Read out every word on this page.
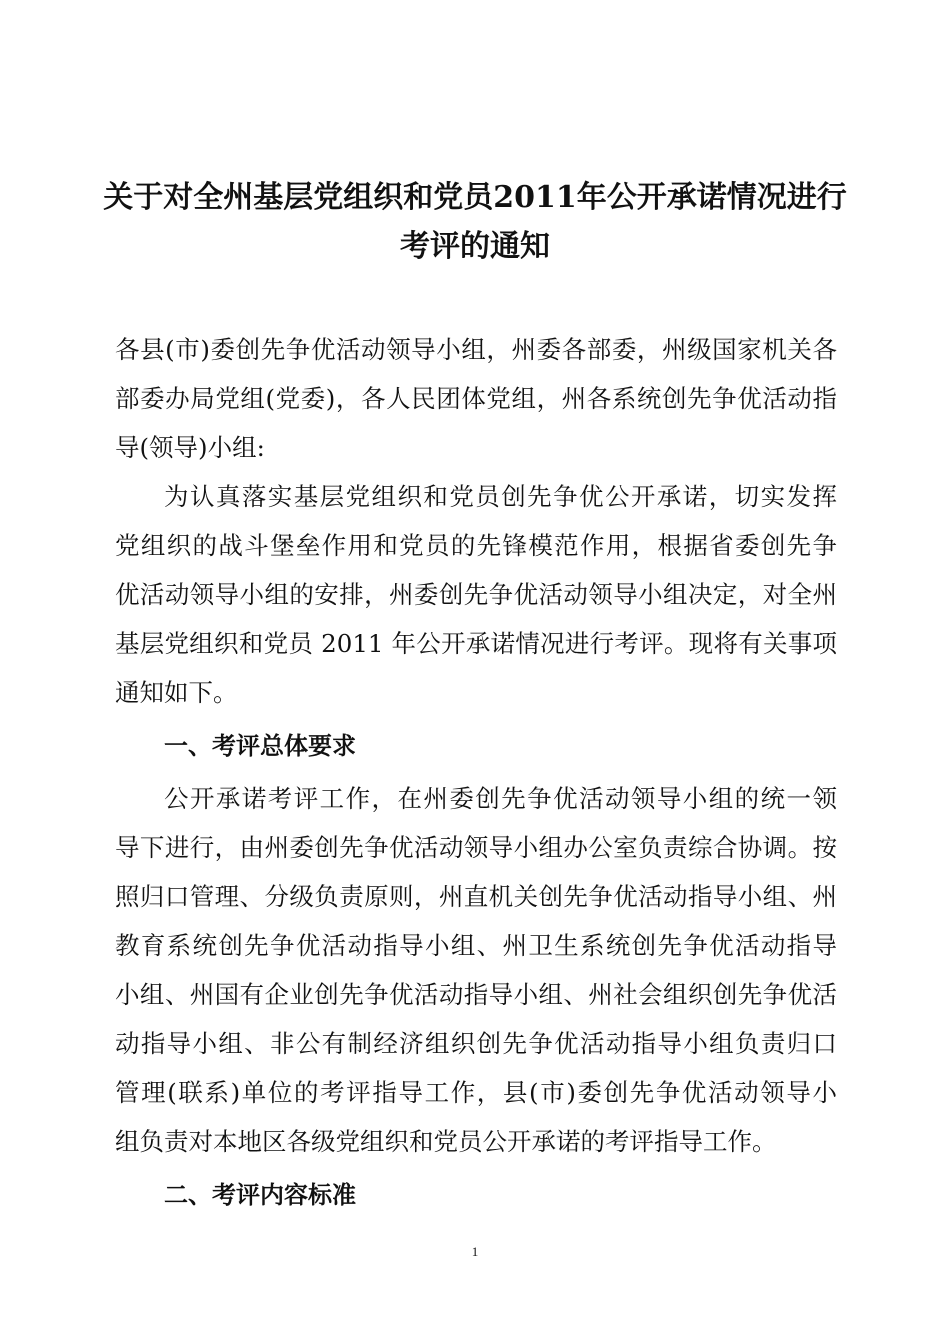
关于对全州基层党组织和党员2011年公开承诺情况进行
考评的通知
各县(市)委创先争优活动领导小组，州委各部委，州级国家机关各
部委办局党组(党委)，各人民团体党组，州各系统创先争优活动指
导(领导)小组:
为认真落实基层党组织和党员创先争优公开承诺，切实发挥
党组织的战斗堡垒作用和党员的先锋模范作用，根据省委创先争
优活动领导小组的安排，州委创先争优活动领导小组决定，对全州
基层党组织和党员 2011 年公开承诺情况进行考评。现将有关事项
通知如下。
一、考评总体要求
公开承诺考评工作，在州委创先争优活动领导小组的统一领
导下进行，由州委创先争优活动领导小组办公室负责综合协调。按
照归口管理、分级负责原则，州直机关创先争优活动指导小组、州
教育系统创先争优活动指导小组、州卫生系统创先争优活动指导
小组、州国有企业创先争优活动指导小组、州社会组织创先争优活
动指导小组、非公有制经济组织创先争优活动指导小组负责归口
管理(联系)单位的考评指导工作，县(市)委创先争优活动领导小
组负责对本地区各级党组织和党员公开承诺的考评指导工作。
二、考评内容标准
1
